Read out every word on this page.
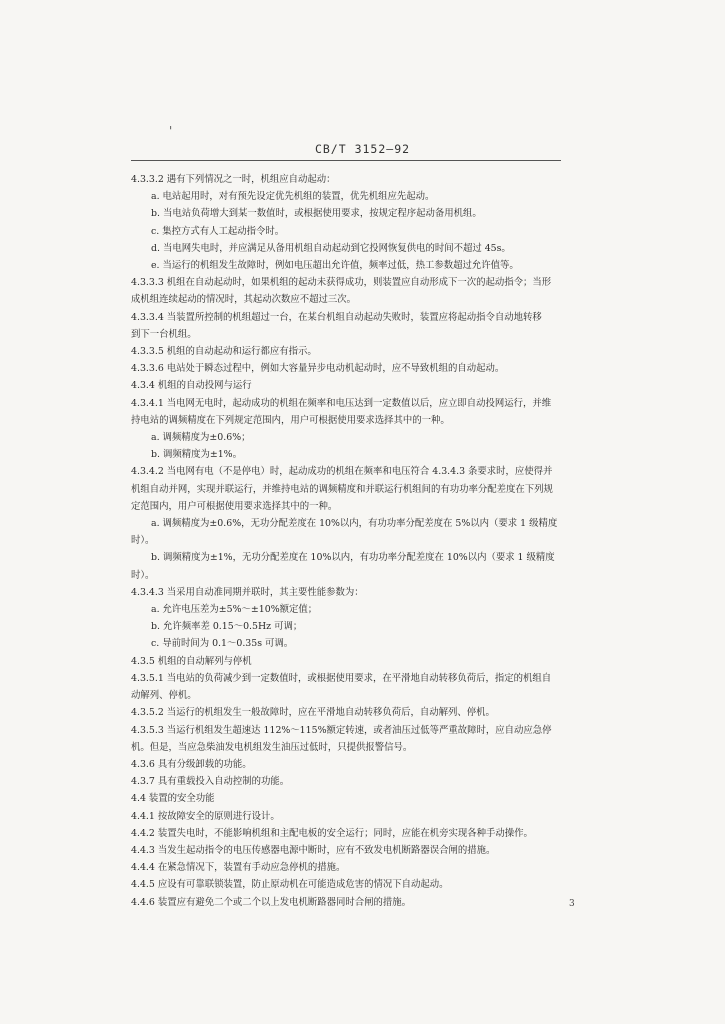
'
CB/T 3152—92
4.3.3.2 遇有下列情况之一时，机组应自动起动：
a. 电站起用时，对有预先设定优先机组的装置，优先机组应先起动。
b. 当电站负荷增大到某一数值时，或根据使用要求，按规定程序起动备用机组。
c. 集控方式有人工起动指令时。
d. 当电网失电时，并应满足从备用机组自动起动到它投网恢复供电的时间不超过 45s。
e. 当运行的机组发生故障时，例如电压超出允许值，频率过低，热工参数超过允许值等。
4.3.3.3 机组在自动起动时，如果机组的起动未获得成功，则装置应自动形成下一次的起动指令；当形
成机组连续起动的情况时，其起动次数应不超过三次。
4.3.3.4 当装置所控制的机组超过一台，在某台机组自动起动失败时，装置应将起动指令自动地转移
到下一台机组。
4.3.3.5 机组的自动起动和运行都应有指示。
4.3.3.6 电站处于瞬态过程中，例如大容量异步电动机起动时，应不导致机组的自动起动。
4.3.4 机组的自动投网与运行
4.3.4.1 当电网无电时，起动成功的机组在频率和电压达到一定数值以后，应立即自动投网运行，并维
持电站的调频精度在下列规定范围内，用户可根据使用要求选择其中的一种。
a. 调频精度为±0.6%；
b. 调频精度为±1%。
4.3.4.2 当电网有电（不是停电）时，起动成功的机组在频率和电压符合 4.3.4.3 条要求时，应使得并
机组自动并网，实现并联运行，并维持电站的调频精度和并联运行机组间的有功功率分配差度在下列规
定范围内，用户可根据使用要求选择其中的一种。
a. 调频精度为±0.6%，无功分配差度在 10%以内，有功功率分配差度在 5%以内（要求 1 级精度
时）。
b. 调频精度为±1%，无功分配差度在 10%以内，有功功率分配差度在 10%以内（要求 1 级精度
时）。
4.3.4.3 当采用自动准同期并联时，其主要性能参数为：
a. 允许电压差为±5%～±10%额定值；
b. 允许频率差 0.15～0.5Hz 可调；
c. 导前时间为 0.1～0.35s 可调。
4.3.5 机组的自动解列与停机
4.3.5.1 当电站的负荷减少到一定数值时，或根据使用要求，在平滑地自动转移负荷后，指定的机组自
动解列、停机。
4.3.5.2 当运行的机组发生一般故障时，应在平滑地自动转移负荷后，自动解列、停机。
4.3.5.3 当运行机组发生超速达 112%～115%额定转速，或者油压过低等严重故障时，应自动应急停
机。但是，当应急柴油发电机组发生油压过低时，只提供报警信号。
4.3.6 具有分级卸载的功能。
4.3.7 具有重载投入自动控制的功能。
4.4 装置的安全功能
4.4.1 按故障安全的原则进行设计。
4.4.2 装置失电时，不能影响机组和主配电板的安全运行；同时，应能在机旁实现各种手动操作。
4.4.3 当发生起动指令的电压传感器电源中断时，应有不致发电机断路器误合闸的措施。
4.4.4 在紧急情况下，装置有手动应急停机的措施。
4.4.5 应设有可靠联锁装置，防止原动机在可能造成危害的情况下自动起动。
4.4.6 装置应有避免二个或二个以上发电机断路器同时合闸的措施。	3
